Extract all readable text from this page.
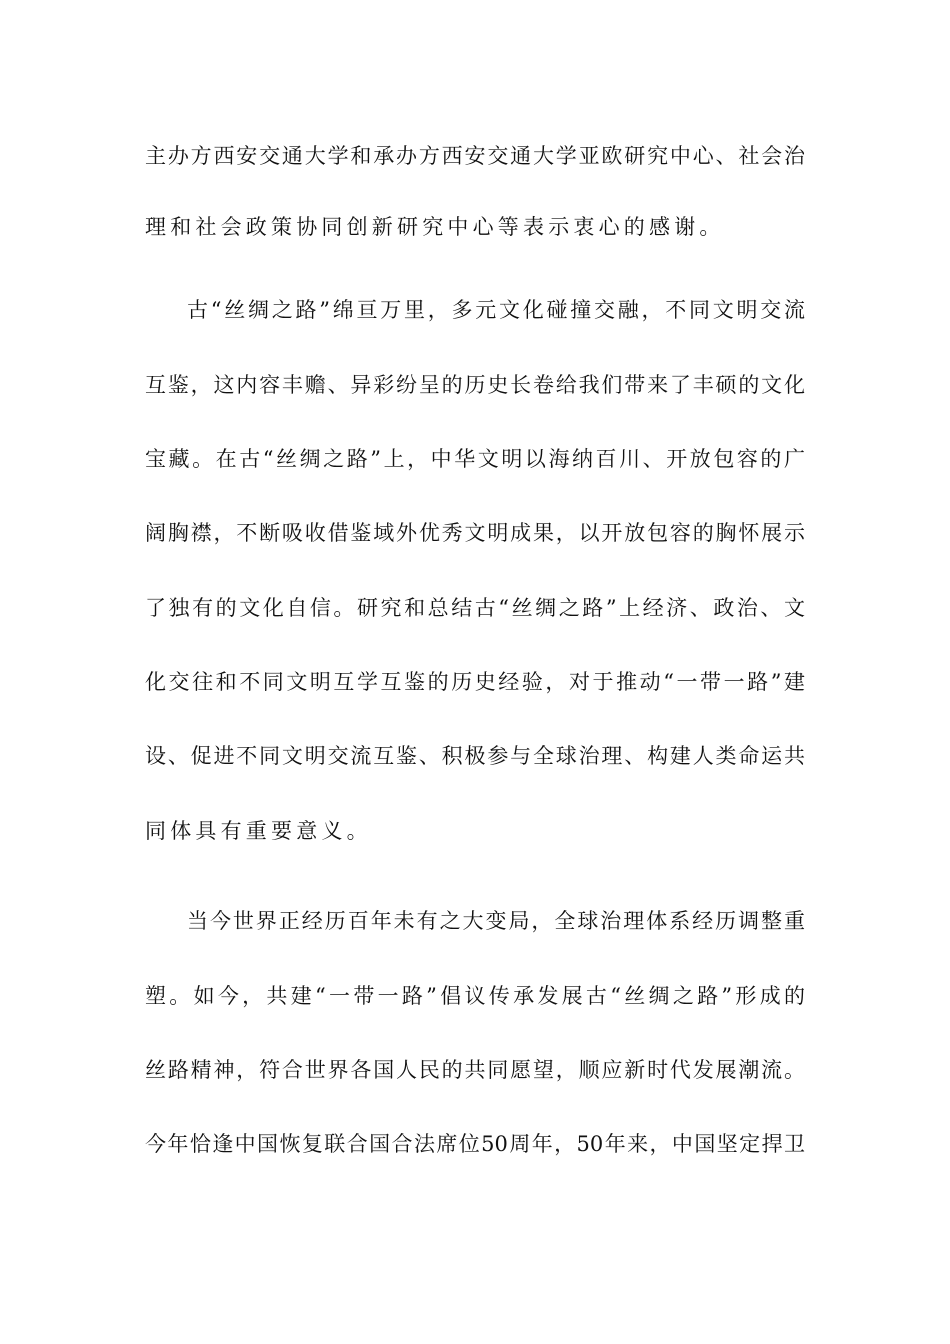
主办方西安交通大学和承办方西安交通大学亚欧研究中心、社会治
理和社会政策协同创新研究中心等表示衷心的感谢。
古“丝绸之路”绵亘万里，多元文化碰撞交融，不同文明交流
互鉴，这内容丰赡、异彩纷呈的历史长卷给我们带来了丰硕的文化
宝藏。在古“丝绸之路”上，中华文明以海纳百川、开放包容的广
阔胸襟，不断吸收借鉴域外优秀文明成果，以开放包容的胸怀展示
了独有的文化自信。研究和总结古“丝绸之路”上经济、政治、文
化交往和不同文明互学互鉴的历史经验，对于推动“一带一路”建
设、促进不同文明交流互鉴、积极参与全球治理、构建人类命运共
同体具有重要意义。
当今世界正经历百年未有之大变局，全球治理体系经历调整重
塑。如今，共建“一带一路”倡议传承发展古“丝绸之路”形成的
丝路精神，符合世界各国人民的共同愿望，顺应新时代发展潮流。
今年恰逢中国恢复联合国合法席位50周年，50年来，中国坚定捍卫
